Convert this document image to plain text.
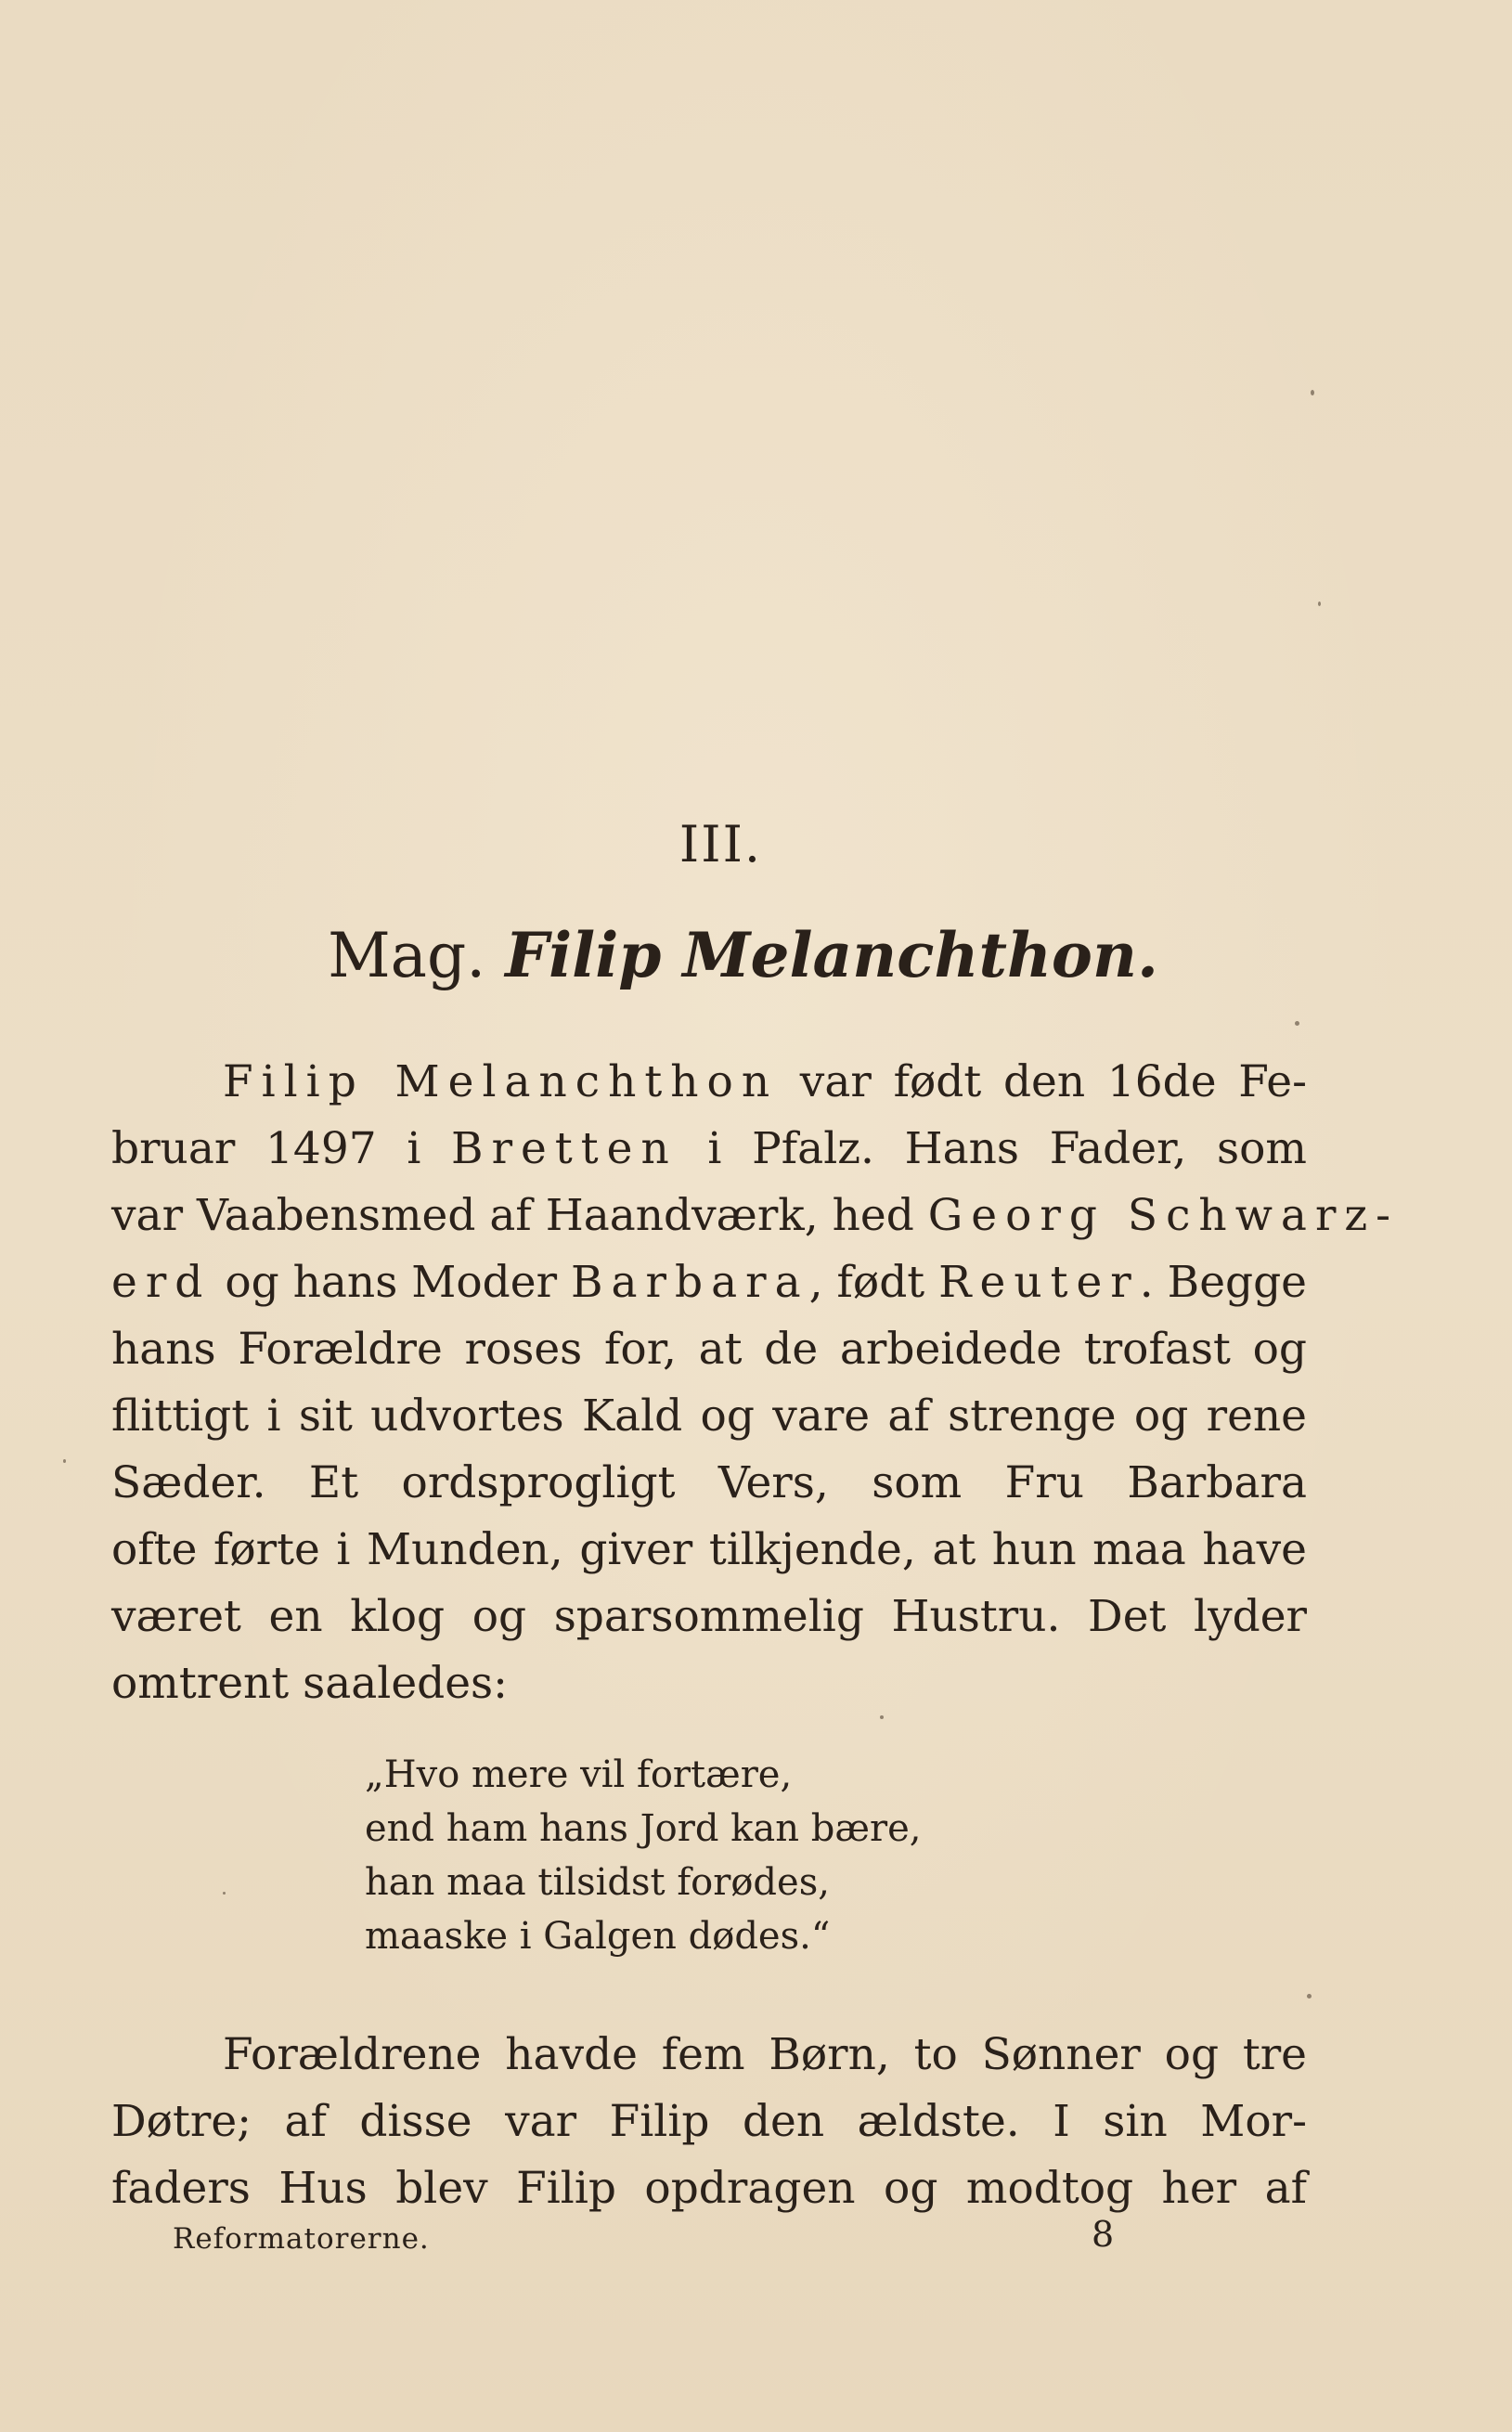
III.
Mag. Filip Melanchthon.
Filip Melanchthon var født den 16de Fe-
bruar 1497 i Bretten i Pfalz. Hans Fader, som
var Vaabensmed af Haandværk, hed Georg Schwarz-
erd og hans Moder Barbara, født Reuter. Begge
hans Forældre roses for, at de arbeidede trofast og
flittigt i sit udvortes Kald og vare af strenge og rene
Sæder. Et ordsprogligt Vers, som Fru Barbara
ofte førte i Munden, giver tilkjende, at hun maa have
været en klog og sparsommelig Hustru. Det lyder
omtrent saaledes:
„Hvo mere vil fortære,
end ham hans Jord kan bære,
han maa tilsidst forødes,
maaske i Galgen dødes.“
Forældrene havde fem Børn, to Sønner og tre
Døtre; af disse var Filip den ældste. I sin Mor-
faders Hus blev Filip opdragen og modtog her af
Reformatorerne.	8
